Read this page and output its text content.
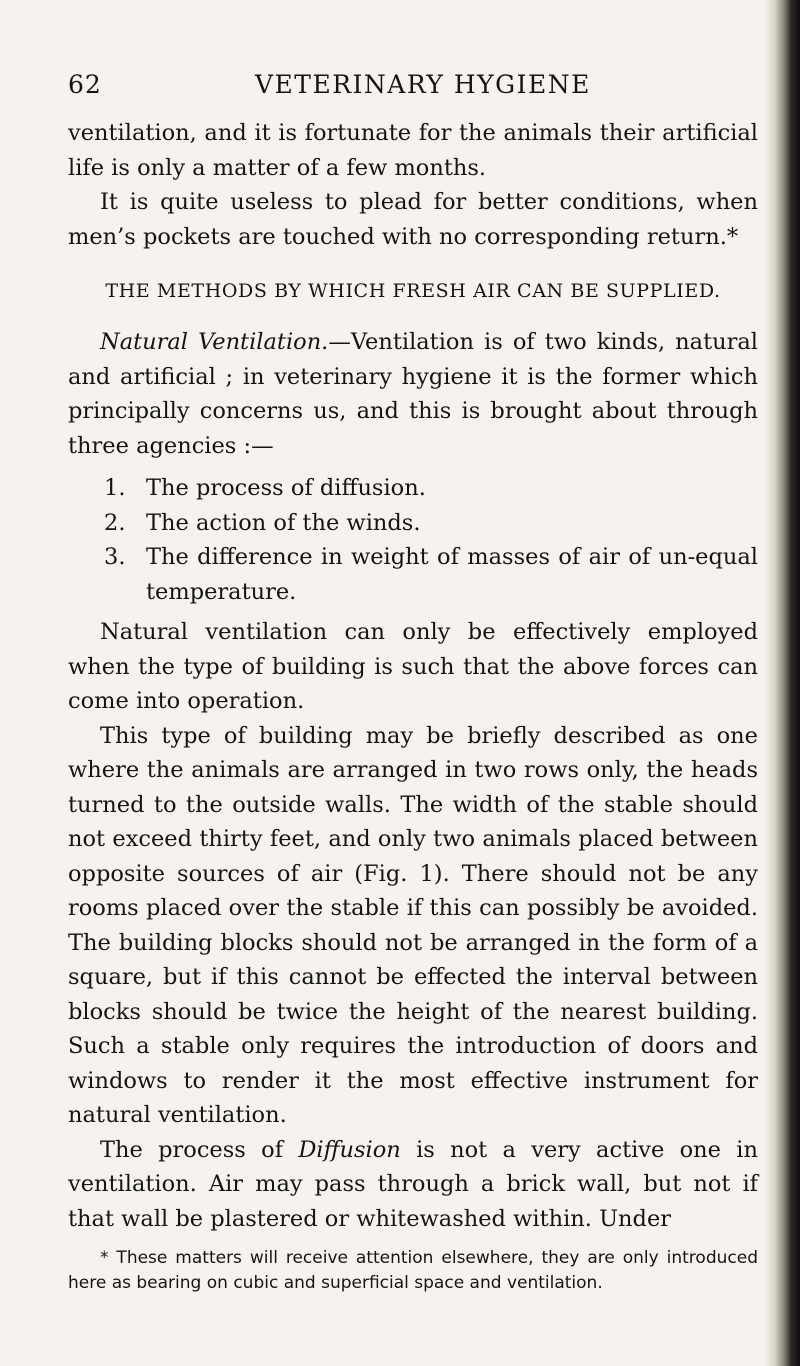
62	VETERINARY HYGIENE

ventilation, and it is fortunate for the animals their artificial life is only a matter of a few months.

It is quite useless to plead for better conditions, when men’s pockets are touched with no corresponding return.*

THE METHODS BY WHICH FRESH AIR CAN BE SUPPLIED.

Natural Ventilation.—Ventilation is of two kinds, natural and artificial ; in veterinary hygiene it is the former which principally concerns us, and this is brought about through three agencies :—

1. The process of diffusion.
2. The action of the winds.
3. The difference in weight of masses of air of un-equal temperature.

Natural ventilation can only be effectively employed when the type of building is such that the above forces can come into operation.

This type of building may be briefly described as one where the animals are arranged in two rows only, the heads turned to the outside walls. The width of the stable should not exceed thirty feet, and only two animals placed between opposite sources of air (Fig. 1). There should not be any rooms placed over the stable if this can possibly be avoided. The building blocks should not be arranged in the form of a square, but if this cannot be effected the interval between blocks should be twice the height of the nearest building. Such a stable only requires the introduction of doors and windows to render it the most effective instrument for natural ventilation.

The process of Diffusion is not a very active one in ventilation. Air may pass through a brick wall, but not if that wall be plastered or whitewashed within. Under

* These matters will receive attention elsewhere, they are only introduced here as bearing on cubic and superficial space and ventilation.
